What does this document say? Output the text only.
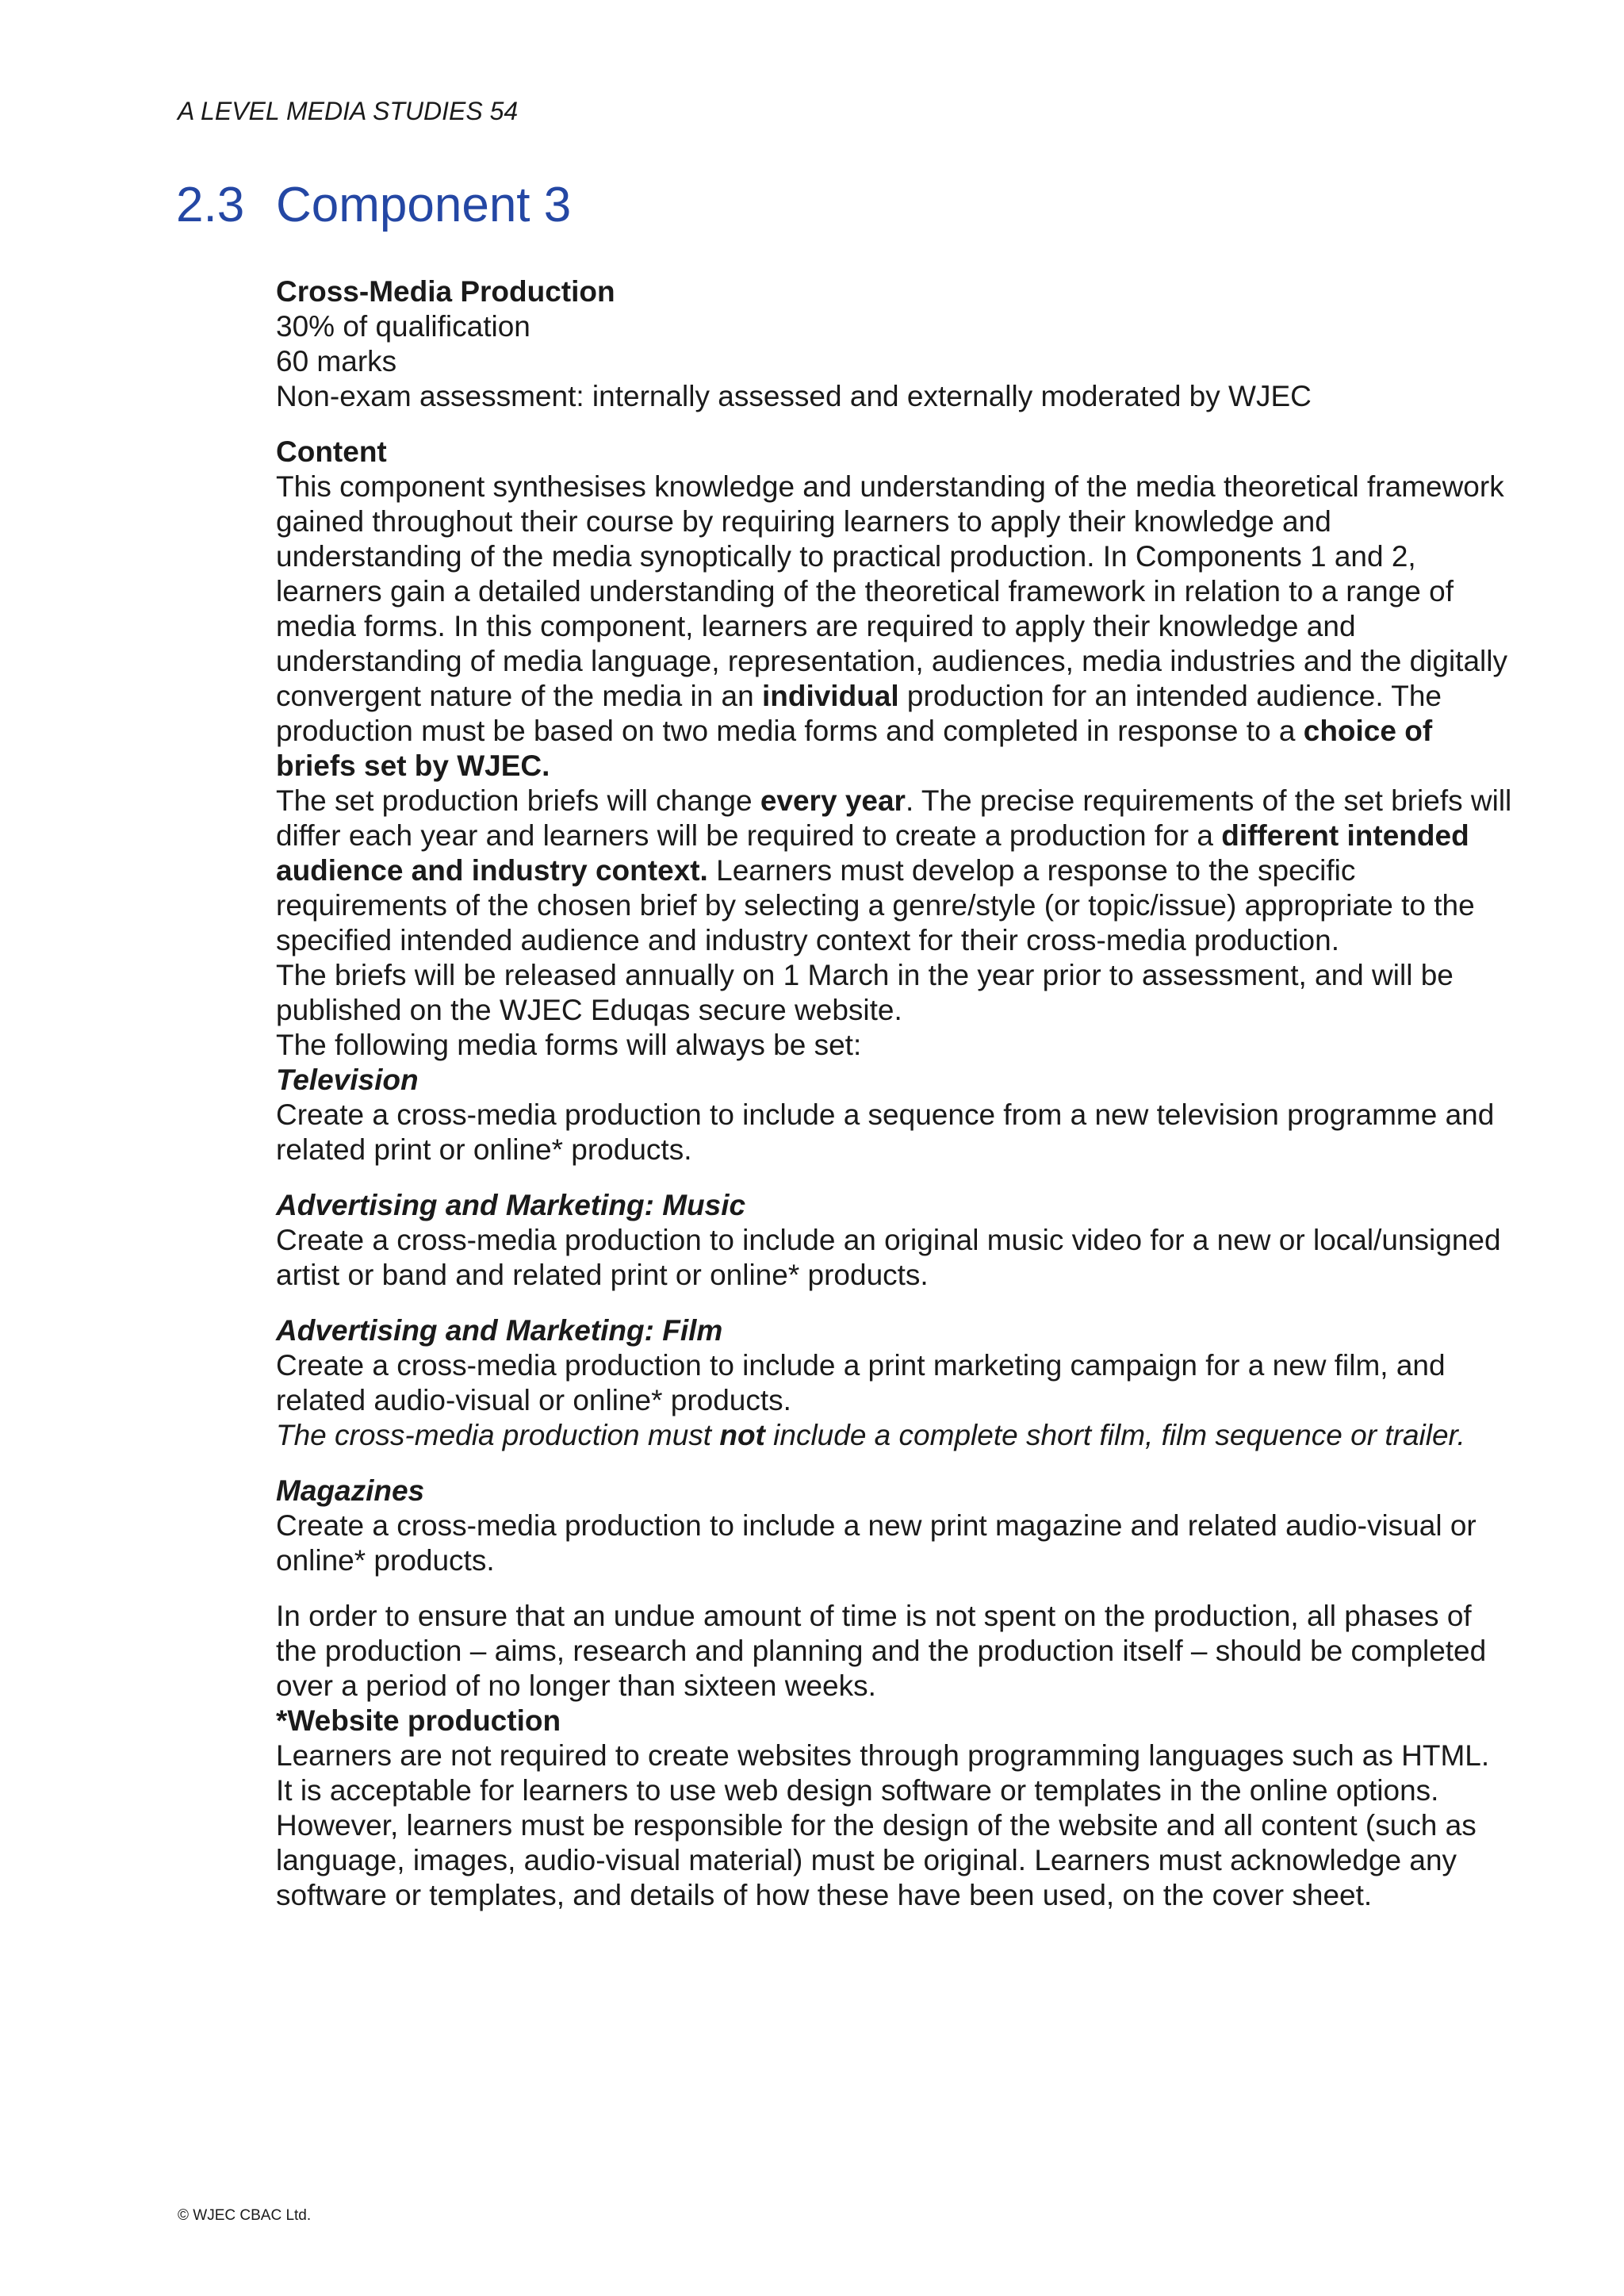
A LEVEL MEDIA STUDIES 54
2.3 Component 3

Cross-Media Production

30% of qualification

60 marks

Non-exam assessment: internally assessed and externally moderated by WJEC

Content

This component synthesises knowledge and understanding of the media theoretical framework gained throughout their course by requiring learners to apply their knowledge and understanding of the media synoptically to practical production. In Components 1 and 2, learners gain a detailed understanding of the theoretical framework in relation to a range of media forms. In this component, learners are required to apply their knowledge and understanding of media language, representation, audiences, media industries and the digitally convergent nature of the media in an individual production for an intended audience. The production must be based on two media forms and completed in response to a choice of briefs set by WJEC.

The set production briefs will change every year. The precise requirements of the set briefs will differ each year and learners will be required to create a production for a different intended audience and industry context. Learners must develop a response to the specific requirements of the chosen brief by selecting a genre/style (or topic/issue) appropriate to the specified intended audience and industry context for their cross-media production.

The briefs will be released annually on 1 March in the year prior to assessment, and will be published on the WJEC Eduqas secure website.

The following media forms will always be set:

Television

Create a cross-media production to include a sequence from a new television programme and related print or online* products.

Advertising and Marketing: Music

Create a cross-media production to include an original music video for a new or local/unsigned artist or band and related print or online* products.

Advertising and Marketing: Film

Create a cross-media production to include a print marketing campaign for a new film, and related audio-visual or online* products.

The cross-media production must not include a complete short film, film sequence or trailer.

Magazines

Create a cross-media production to include a new print magazine and related audio-visual or online* products.

In order to ensure that an undue amount of time is not spent on the production, all phases of the production – aims, research and planning and the production itself – should be completed over a period of no longer than sixteen weeks.

*Website production

Learners are not required to create websites through programming languages such as HTML. It is acceptable for learners to use web design software or templates in the online options. However, learners must be responsible for the design of the website and all content (such as language, images, audio-visual material) must be original. Learners must acknowledge any software or templates, and details of how these have been used, on the cover sheet.

© WJEC CBAC Ltd.
